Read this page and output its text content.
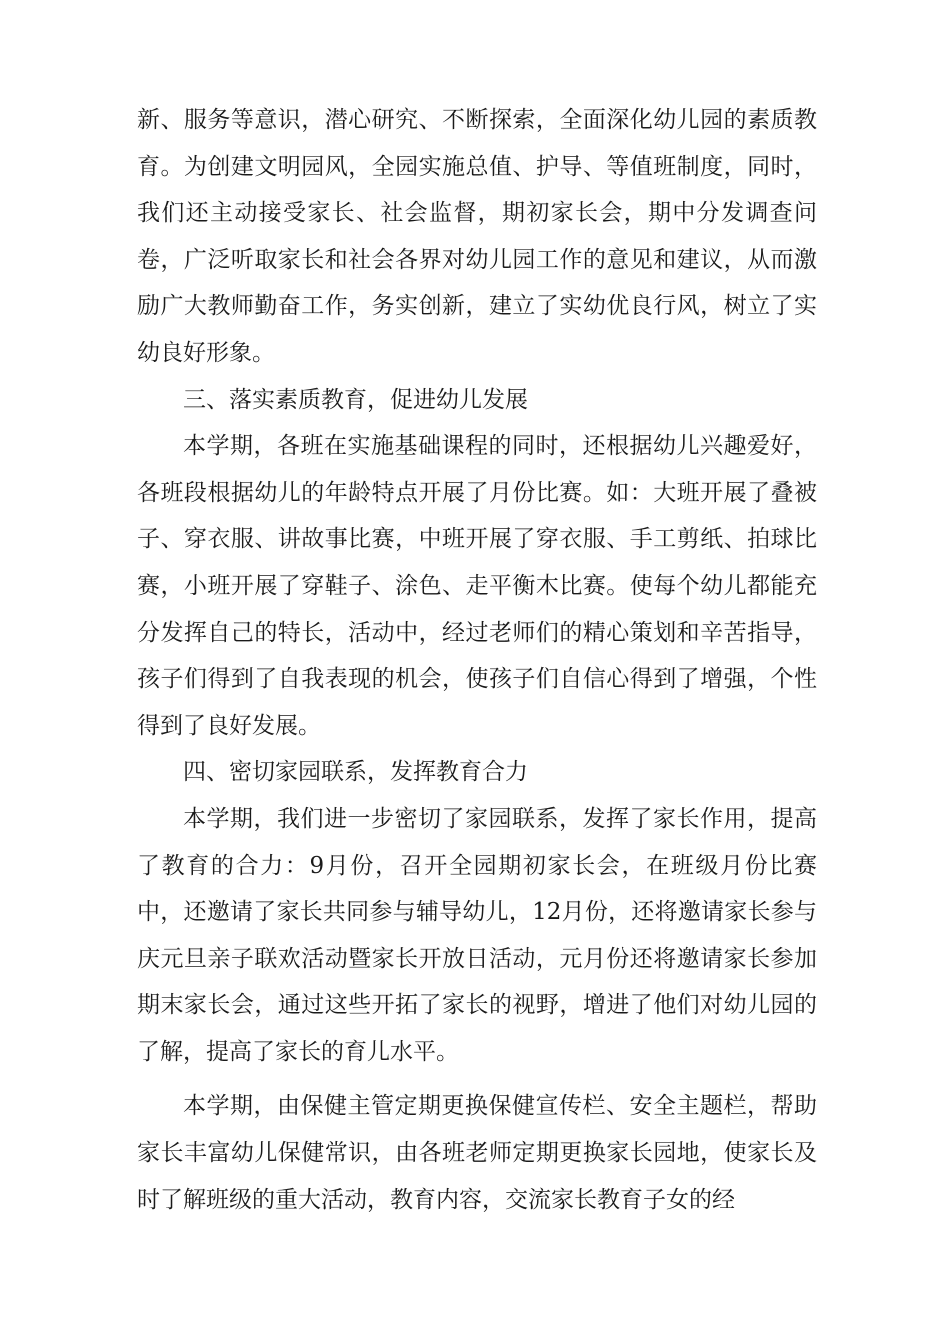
新、服务等意识，潜心研究、不断探索，全面深化幼儿园的素质教育。为创建文明园风，全园实施总值、护导、等值班制度，同时，我们还主动接受家长、社会监督，期初家长会，期中分发调查问卷，广泛听取家长和社会各界对幼儿园工作的意见和建议，从而激励广大教师勤奋工作，务实创新，建立了实幼优良行风，树立了实幼良好形象。

三、落实素质教育，促进幼儿发展

本学期，各班在实施基础课程的同时，还根据幼儿兴趣爱好，各班段根据幼儿的年龄特点开展了月份比赛。如：大班开展了叠被子、穿衣服、讲故事比赛，中班开展了穿衣服、手工剪纸、拍球比赛，小班开展了穿鞋子、涂色、走平衡木比赛。使每个幼儿都能充分发挥自己的特长，活动中，经过老师们的精心策划和辛苦指导，孩子们得到了自我表现的机会，使孩子们自信心得到了增强，个性得到了良好发展。

四、密切家园联系，发挥教育合力

本学期，我们进一步密切了家园联系，发挥了家长作用，提高了教育的合力：9月份，召开全园期初家长会，在班级月份比赛中，还邀请了家长共同参与辅导幼儿，12月份，还将邀请家长参与庆元旦亲子联欢活动暨家长开放日活动，元月份还将邀请家长参加期末家长会，通过这些开拓了家长的视野，增进了他们对幼儿园的了解，提高了家长的育儿水平。

本学期，由保健主管定期更换保健宣传栏、安全主题栏，帮助家长丰富幼儿保健常识，由各班老师定期更换家长园地，使家长及时了解班级的重大活动，教育内容，交流家长教育子女的经
